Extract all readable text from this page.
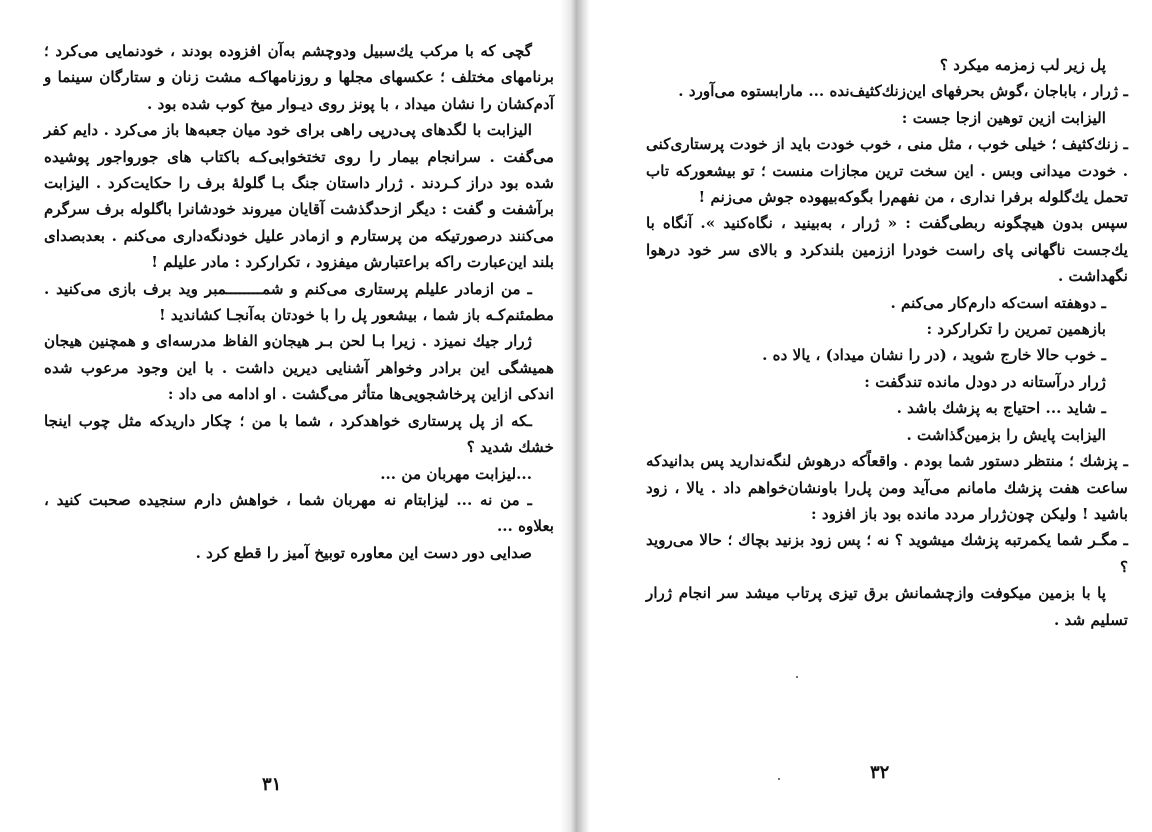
گچی که با مرکب یك‌سبیل ودوچشم به‌آن افزوده بودند ، خودنمایی می‌کرد ؛ برنامهای مختلف ؛ عکسهای مجلها و روزنامهاکـه مشت زنان و ستارگان سینما و آدم‌کشان را نشان میداد ، با پونز روی دیـوار میخ کوب شده بود .

الیزابت با لگدهای پی‌درپی راهی برای خود میان جعبه‌ها باز می‌کرد . دایم کفر می‌گفت . سرانجام بیمار را روی تختخوابی‌کـه باکتاب های جوروا‌جور پوشیده شده بود دراز کـردند . ژرار داستان جنگ بـا گلولهٔ برف را حکایت‌کرد . الیزابت برآشفت و گفت : دیگر ازحدگذشت آقایان میروند خودشانرا باگلوله برف سرگرم می‌کنند درصورتیکه من پرستارم و ازمادر علیل خودنگه‌داری می‌کنم . بعدبصدای بلند این‌عبارت راکه براعتبارش میفزود ، تکرارکرد : مادر علیلم !

ـ من ازمادر علیلم پرستاری می‌کنم و شمـــــــ‌ـمبر وید برف بازی می‌کنید . مطمئنم‌کـه باز شما ، بیشعور پل را با خودتان به‌آنجـا کشاندید !

ژرار جیك نمیزد . زیرا بـا لحن بـر هیجان‌و الفاظ مدرسه‌ای و همچنین هیجان همیشگی این برادر وخواهر آشنایی دیرین داشت . با این وجود مرعوب شده اندکی ازاین پرخاشجویی‌ها متأثر می‌گشت . او ادامه می داد :

ـکه از پل پرستاری خواهدکرد ، شما با من ؛ چکار داریدکه مثل چوب اینجا خشك شدید ؟

...لیزابت مهربان من ...

ـ من نه ... لیزابتام نه مهربان شما ، خواهش دارم سنجیده صحبت کنید ، بعلاوه ...

صدایی دور دست این معاوره توبیخ آمیز را قطع کرد .

۳۱

پل زیر لب زمزمه میکرد ؟

ـ ژرار ، باباجان ،گوش بحرفهای این‌زنك‌کثیف‌نده ... مارابستوه می‌آورد .

الیزابت ازین توهین ازجا جست :

ـ زنك‌کثیف ؛ خیلی خوب ، مثل منی ، خوب خودت باید از خودت پرستاری‌کنی . خودت میدانی وبس . این سخت ترین مجازات منست ؛ تو بیشعورکه تاب تحمل یك‌گلوله برفرا نداری ، من نفهم‌را بگو‌که‌بیهوده جوش می‌زنم !

سپس بدون هیچگونه ربطی‌گفت : « ژرار ، به‌بینید ، نگاه‌کنید ». آنگاه با یك‌جست ناگهانی پای راست خودرا اززمین بلندکرد و بالای سر خود درهوا نگهداشت .

ـ دوهفته است‌که دارم‌کار می‌کنم .

بازهمین تمرین را تکرارکرد :

ـ خوب حالا خارج شوید ، (در را نشان میداد) ، یالا ده .

ژرار درآستانه در دودل مانده تندگفت :

ـ شاید ... احتیاج به پزشك باشد .

الیزابت پایش را بزمین‌گذاشت .

ـ پزشك ؛ منتظر دستور شما بودم . واقعاًکه درهوش لنگه‌ندارید پس بدانیدکه ساعت هفت پزشك مامانم می‌آید ومن پل‌را باونشان‌خواهم داد . یالا ، زود باشید ! ولیکن چون‌ژرار مردد مانده بود باز افزود :

ـ مگـر شما یکمرتبه پزشك میشوید ؟ نه ؛ پس زود بزنید بچاك ؛ حالا می‌روید ؟

پا با بزمین میکوفت وازچشمانش برق تیزی پرتاب میشد سر انجام ژرار تسلیم شد .

۳۲
